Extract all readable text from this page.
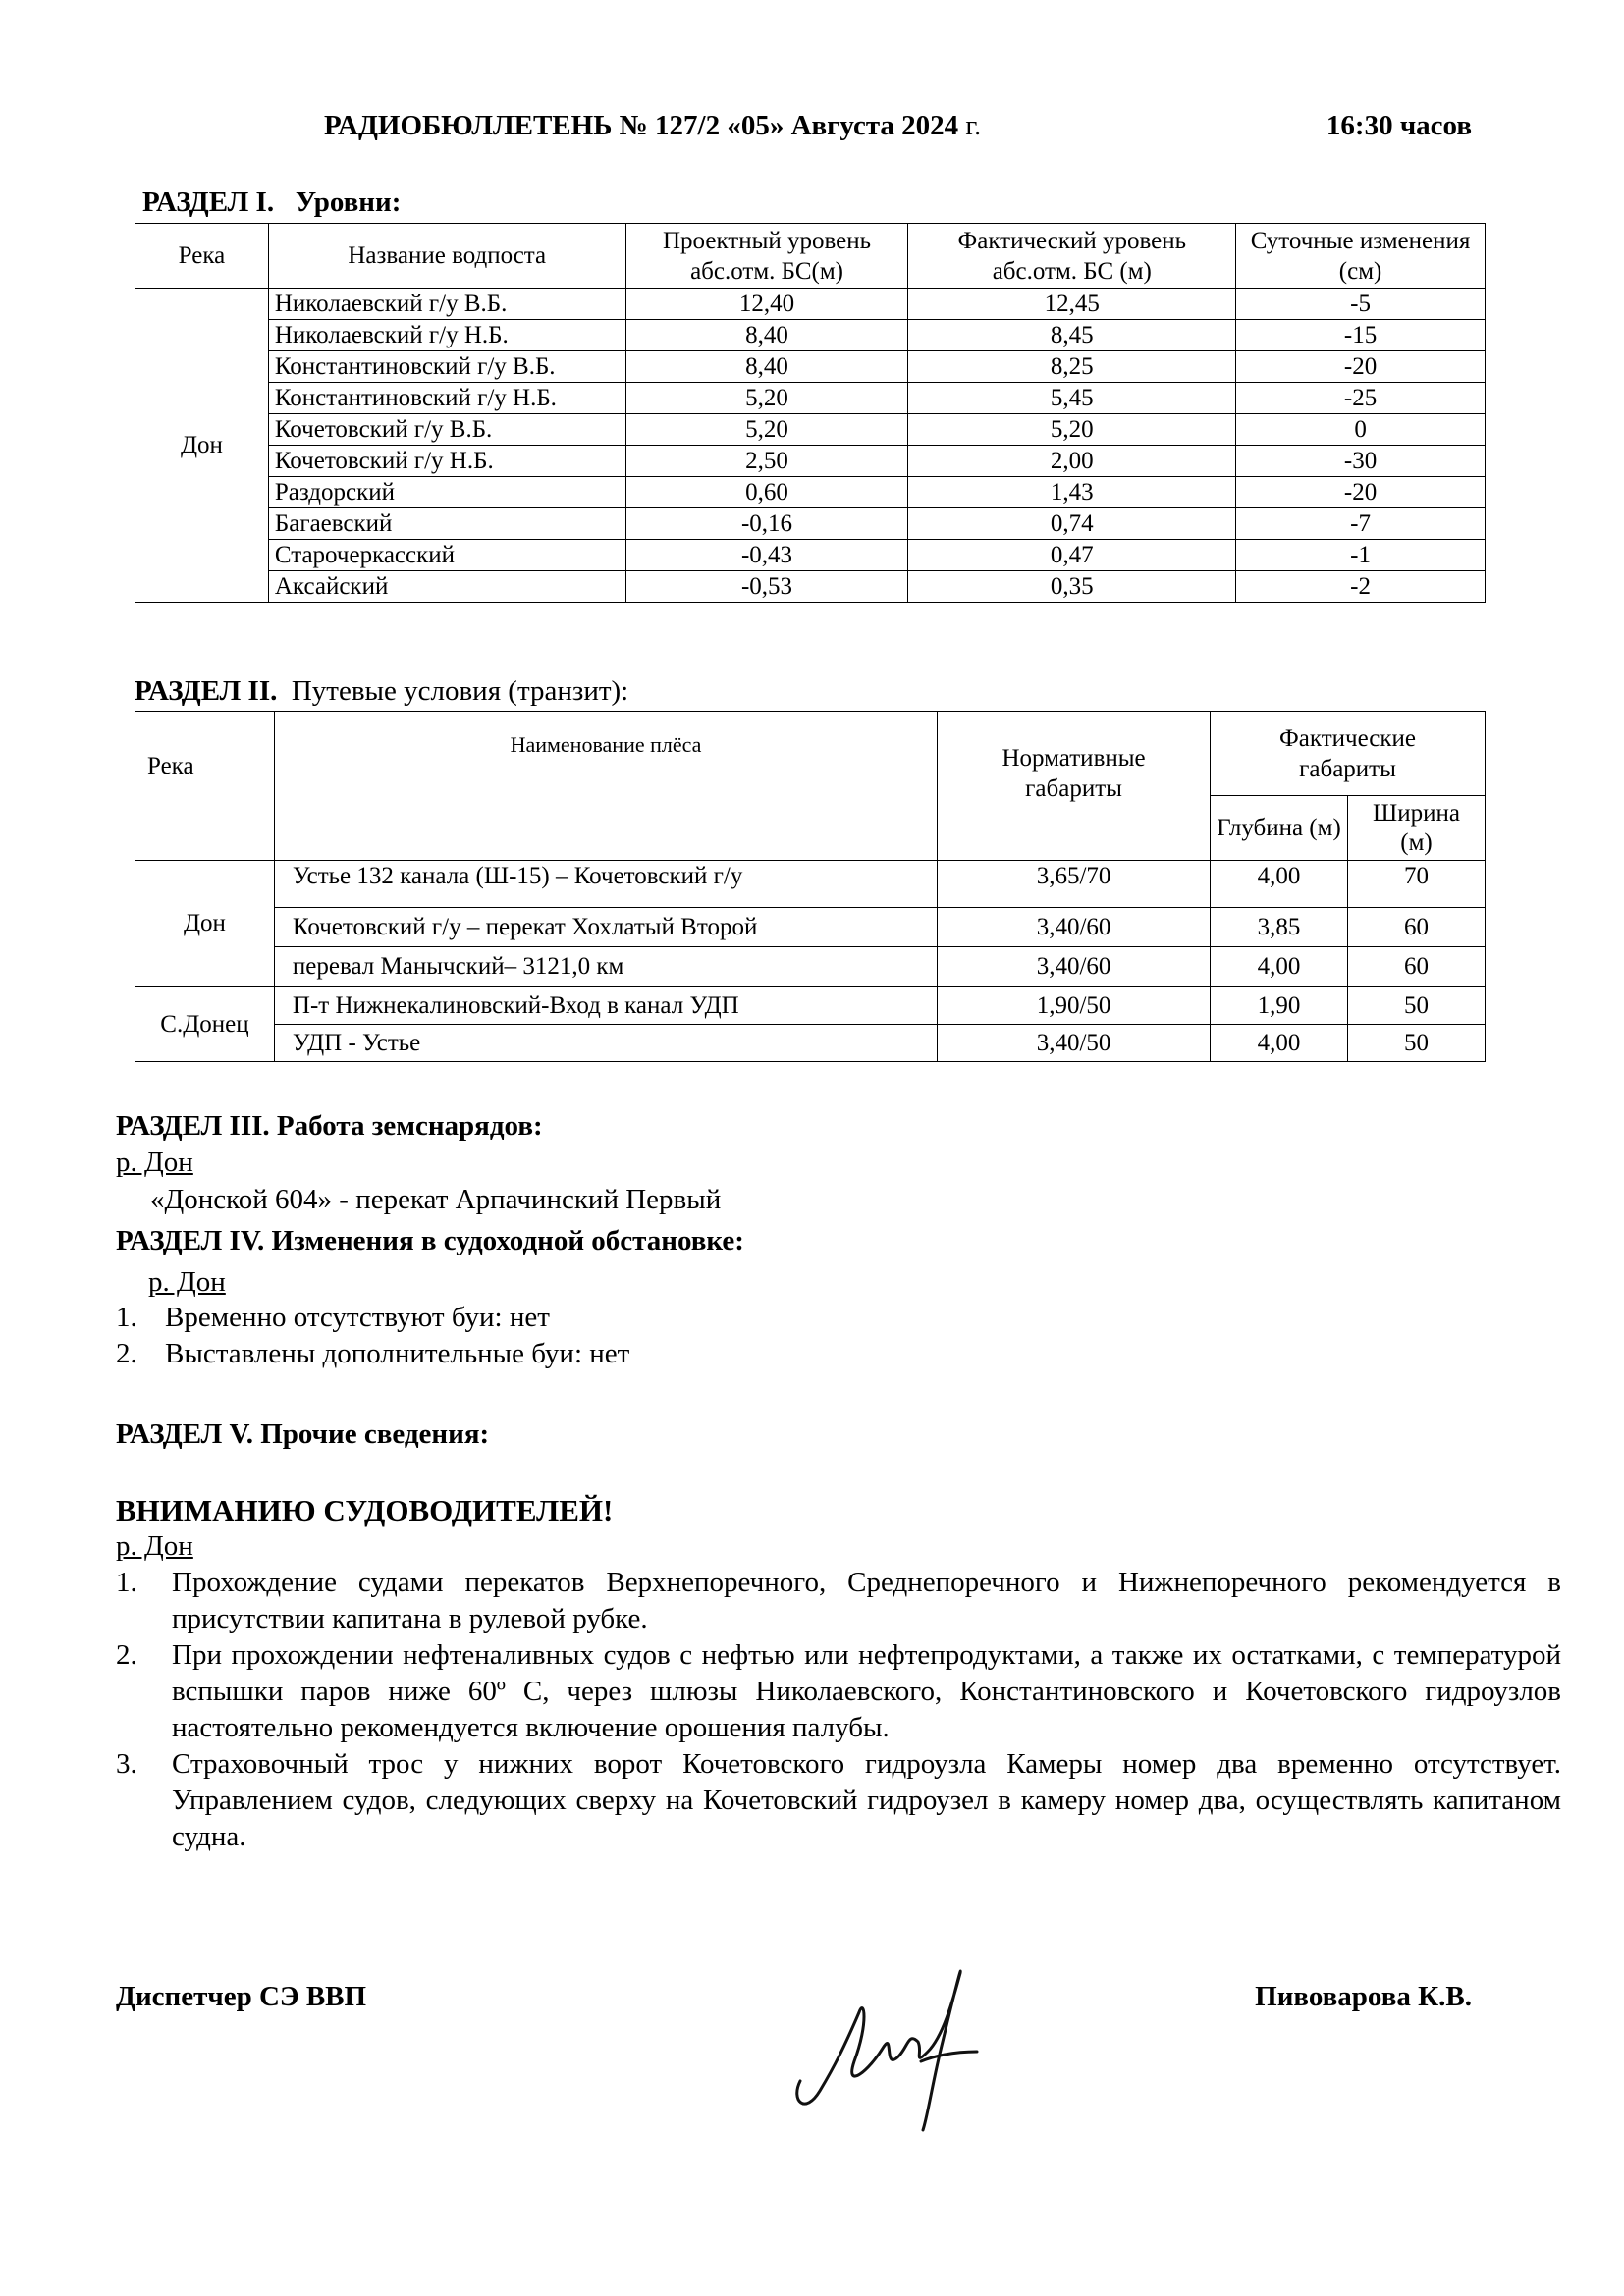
РАДИОБЮЛЛЕТЕНЬ № 127/2 «05» Августа 2024 г.	16:30 часов
РАЗДЕЛ I. Уровни:
Река	Название водпоста	Проектный уровень абс.отм. БС(м)	Фактический уровень абс.отм. БС (м)	Суточные изменения (см)
Дон	Николаевский г/у В.Б.	12,40	12,45	-5
	Николаевский г/у Н.Б.	8,40	8,45	-15
	Константиновский г/у В.Б.	8,40	8,25	-20
	Константиновский г/у Н.Б.	5,20	5,45	-25
	Кочетовский г/у В.Б.	5,20	5,20	0
	Кочетовский г/у Н.Б.	2,50	2,00	-30
	Раздорский	0,60	1,43	-20
	Багаевский	-0,16	0,74	-7
	Старочеркасский	-0,43	0,47	-1
	Аксайский	-0,53	0,35	-2
РАЗДЕЛ II. Путевые условия (транзит):
Река	Наименование плёса	Нормативные габариты	Фактические габариты	
			Глубина (м)	Ширина (м)
Дон	Устье 132 канала (Ш-15) – Кочетовский г/у	3,65/70	4,00	70
	Кочетовский г/у – перекат Хохлатый Второй	3,40/60	3,85	60
	перевал Манычский– 3121,0 км	3,40/60	4,00	60
С.Донец	П-т Нижнекалиновский-Вход в канал УДП	1,90/50	1,90	50
	УДП - Устье	3,40/50	4,00	50
РАЗДЕЛ III. Работа земснарядов:
р. Дон
«Донской 604» - перекат Арпачинский Первый
РАЗДЕЛ IV. Изменения в судоходной обстановке:
р. Дон
1. Временно отсутствуют буи: нет
2. Выставлены дополнительные буи: нет
РАЗДЕЛ V. Прочие сведения:
ВНИМАНИЮ СУДОВОДИТЕЛЕЙ!
р. Дон
1.	Прохождение судами перекатов Верхнепоречного, Среднепоречного и Нижнепоречного рекомендуется в присутствии капитана в рулевой рубке.
2.	При прохождении нефтеналивных судов с нефтью или нефтепродуктами, а также их остатками, с температурой вспышки паров ниже 60º С, через шлюзы Николаевского, Константиновского и Кочетовского гидроузлов настоятельно рекомендуется включение орошения палубы.
3.	Страховочный трос у нижних ворот Кочетовского гидроузла Камеры номер два временно отсутствует. Управлением судов, следующих сверху на Кочетовский гидроузел в камеру номер два, осуществлять капитаном судна.
Диспетчер СЭ ВВП	Пивоварова К.В.
